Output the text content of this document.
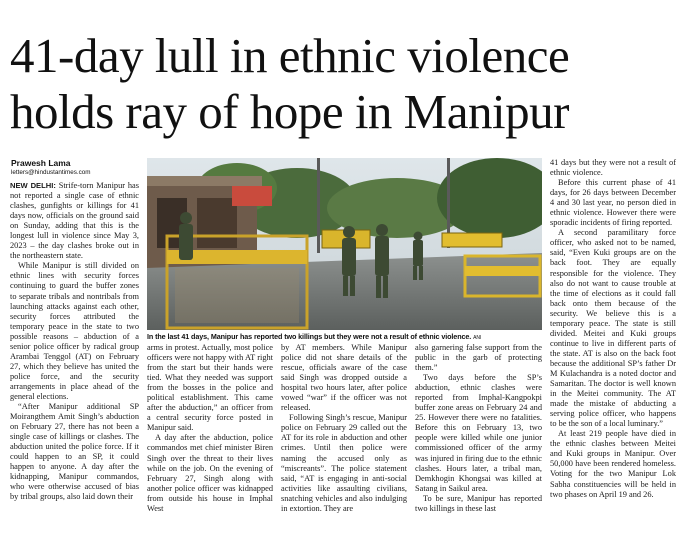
41-day lull in ethnic violence
holds ray of hope in Manipur
Prawesh Lama
letters@hindustantimes.com

NEW DELHI: Strife-torn Manipur has not reported a single case of ethnic clashes, gunfights or killings for 41 days now, officials on the ground said on Sunday, adding that this is the longest lull in violence since May 3, 2023 – the day clashes broke out in the northeastern state.

While Manipur is still divided on ethnic lines with security forces continuing to guard the buffer zones to separate tribals and nontribals from launching attacks against each other, security forces attributed the temporary peace in the state to two possible reasons – abduction of a senior police officer by radical group Arambai Tenggol (AT) on February 27, which they believe has united the police force, and the security arrangements in place ahead of the general elections.

“After Manipur additional SP Moirangthem Amit Singh’s abduction on February 27, there has not been a single case of killings or clashes. The abduction united the police force. If it could happen to an SP, it could happen to anyone. A day after the kidnapping, Manipur commandos, who were otherwise accused of bias by tribal groups, also laid down their

In the last 41 days, Manipur has reported two killings but they were not a result of ethnic violence. ANI

arms in protest. Actually, most police officers were not happy with AT right from the start but their hands were tied. What they needed was support from the bosses in the police and political establishment. This came after the abduction,” an officer from a central security force posted in Manipur said.

A day after the abduction, police commandos met chief minister Biren Singh over the threat to their lives while on the job. On the evening of February 27, Singh along with another police officer was kidnapped from outside his house in Imphal West

by AT members. While Manipur police did not share details of the rescue, officials aware of the case said Singh was dropped outside a hospital two hours later, after police vowed “war” if the officer was not released.

Following Singh’s rescue, Manipur police on February 29 called out the AT for its role in abduction and other crimes. Until then police were naming the accused only as “miscreants”. The police statement said, “AT is engaging in anti-social activities like assaulting civilians, snatching vehicles and also indulging in extortion. They are

also garnering false support from the public in the garb of protecting them.”

Two days before the SP’s abduction, ethnic clashes were reported from Imphal-Kangpokpi buffer zone areas on February 24 and 25. However there were no fatalities. Before this on February 13, two people were killed while one junior commissioned officer of the army was injured in firing due to the ethnic clashes. Hours later, a tribal man, Demkhogin Khongsai was killed at Satang in Saikul area.

To be sure, Manipur has reported two killings in these last

41 days but they were not a result of ethnic violence.

Before this current phase of 41 days, for 26 days between December 4 and 30 last year, no person died in ethnic violence. However there were sporadic incidents of firing reported.

A second paramilitary force officer, who asked not to be named, said, “Even Kuki groups are on the back foot. They are equally responsible for the violence. They also do not want to cause trouble at the time of elections as it could fall back onto them because of the security. We believe this is a temporary peace. The state is still divided. Meitei and Kuki groups continue to live in different parts of the state. AT is also on the back foot because the additional SP’s father Dr M Kulachandra is a noted doctor and Samaritan. The doctor is well known in the Meitei community. The AT made the mistake of abducting a serving police officer, who happens to be the son of a local luminary.”

At least 219 people have died in the ethnic clashes between Meitei and Kuki groups in Manipur. Over 50,000 have been rendered homeless. Voting for the two Manipur Lok Sabha constituencies will be held in two phases on April 19 and 26.
